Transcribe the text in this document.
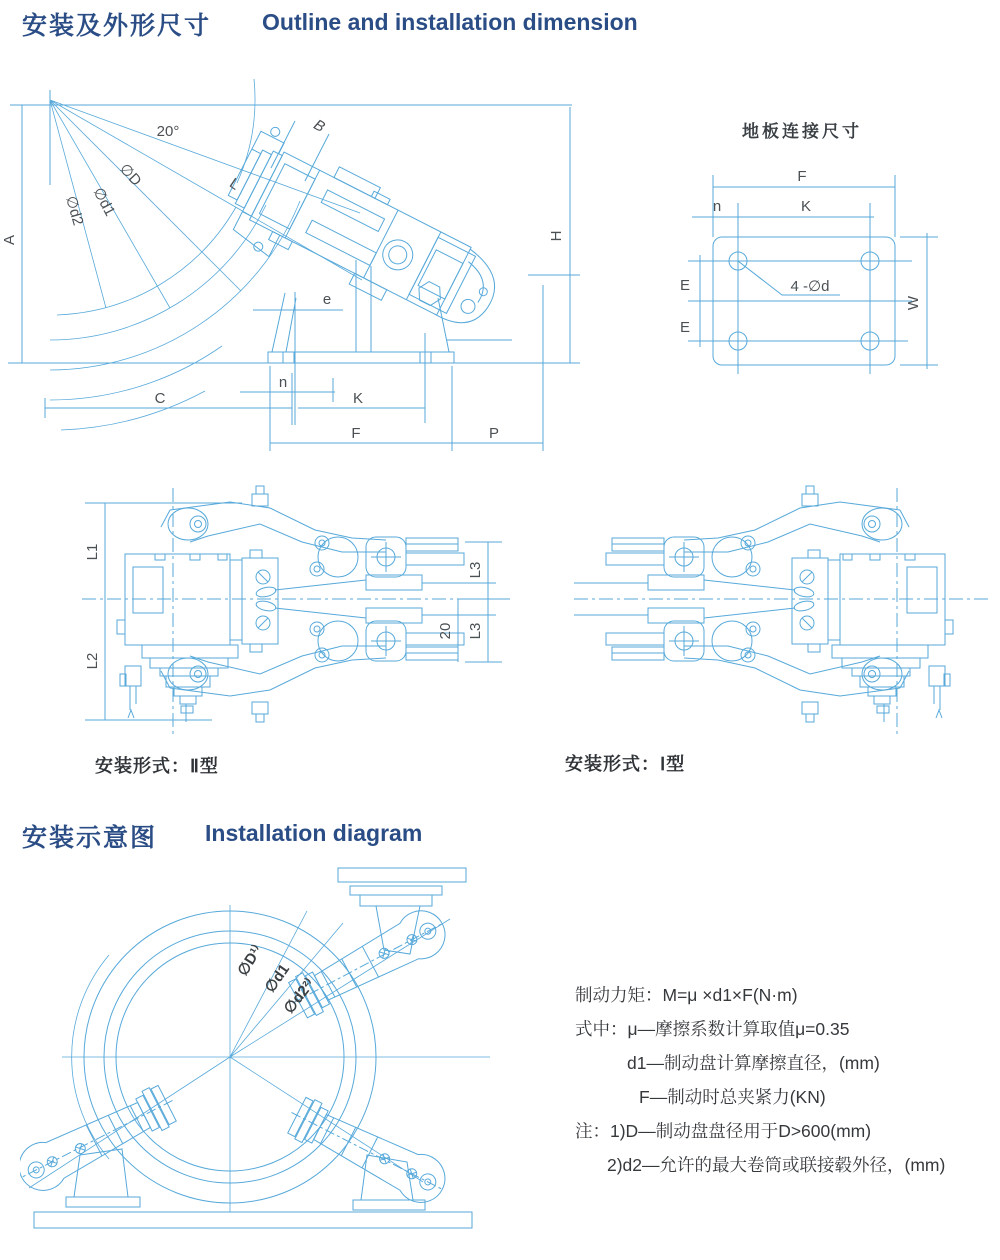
安装及外形尺寸 Outline and installation dimension
20°
L
∅D
∅d1
∅d2
A	H
B
e
n
C	K
F	P
地板连接尺寸
F
K
n
E
E
W
4 -∅d
L1
L2
L3
L3
20
安装形式：Ⅱ型	安装形式：Ⅰ型
安装示意图 Installation diagram
∅D¹⁾
∅d1
∅d2²⁾	制动力矩：M=μ ×d1×F(N·m)
式中：μ—摩擦系数计算取值μ=0.35
d1—制动盘计算摩擦直径，(mm)
F—制动时总夹紧力(KN)
注：1)D—制动盘盘径用于D>600(mm)
2)d2—允许的最大卷筒或联接毂外径，(mm)
